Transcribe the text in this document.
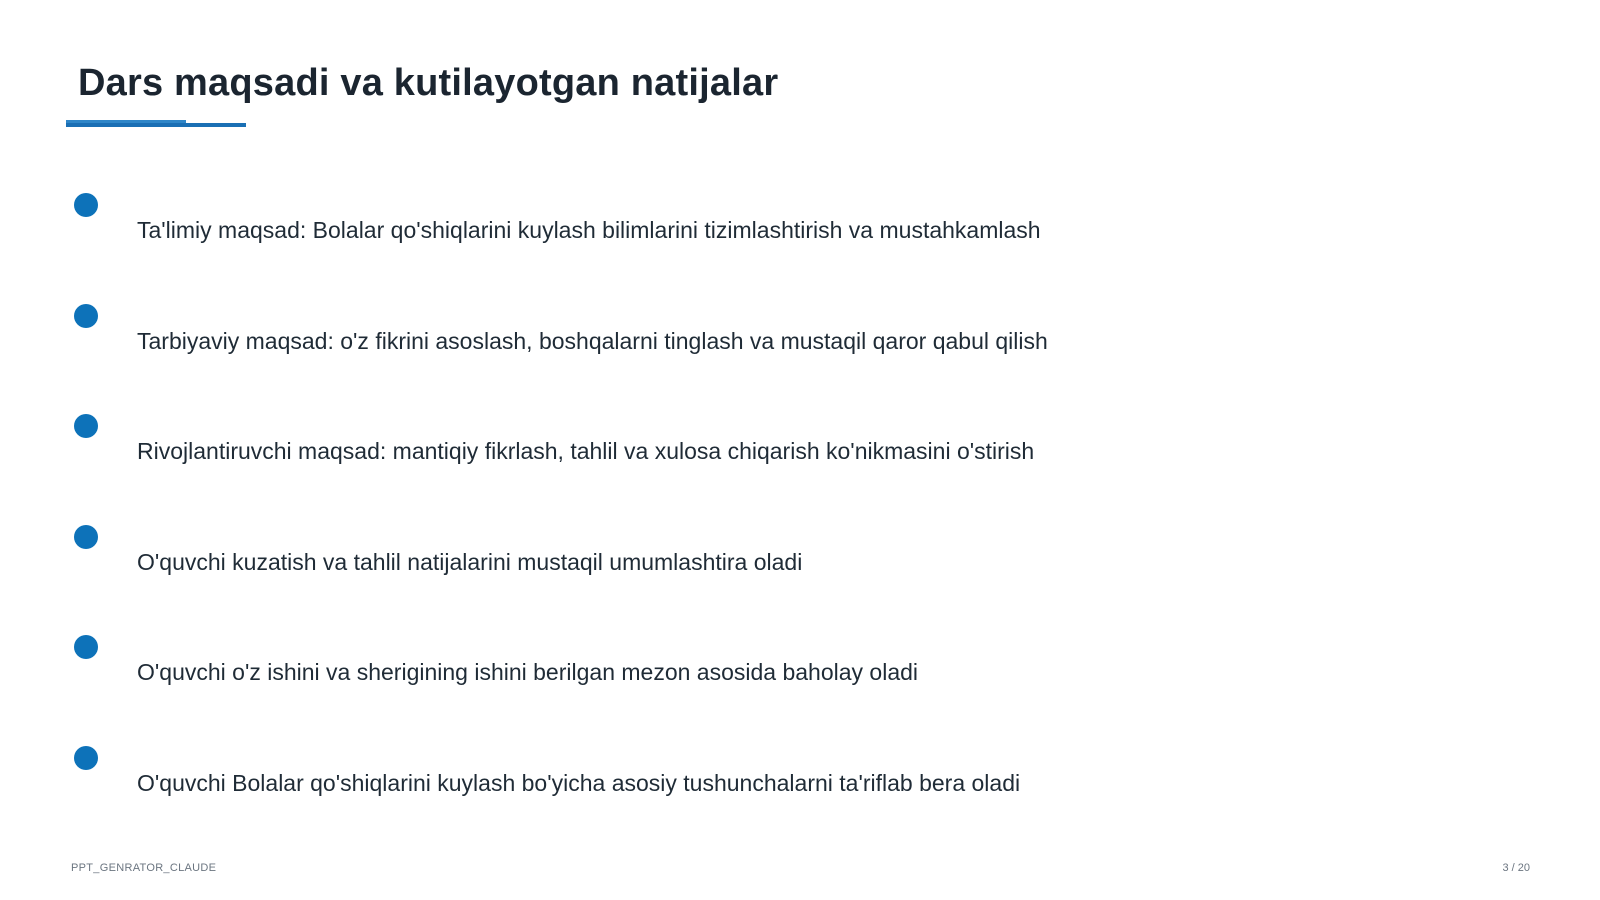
Dars maqsadi va kutilayotgan natijalar
Ta'limiy maqsad: Bolalar qo'shiqlarini kuylash bilimlarini tizimlashtirish va mustahkamlash
Tarbiyaviy maqsad: o'z fikrini asoslash, boshqalarni tinglash va mustaqil qaror qabul qilish
Rivojlantiruvchi maqsad: mantiqiy fikrlash, tahlil va xulosa chiqarish ko'nikmasini o'stirish
O'quvchi kuzatish va tahlil natijalarini mustaqil umumlashtira oladi
O'quvchi o'z ishini va sherigining ishini berilgan mezon asosida baholay oladi
O'quvchi Bolalar qo'shiqlarini kuylash bo'yicha asosiy tushunchalarni ta'riflab bera oladi
PPT_GENRATOR_CLAUDE	3 / 20
